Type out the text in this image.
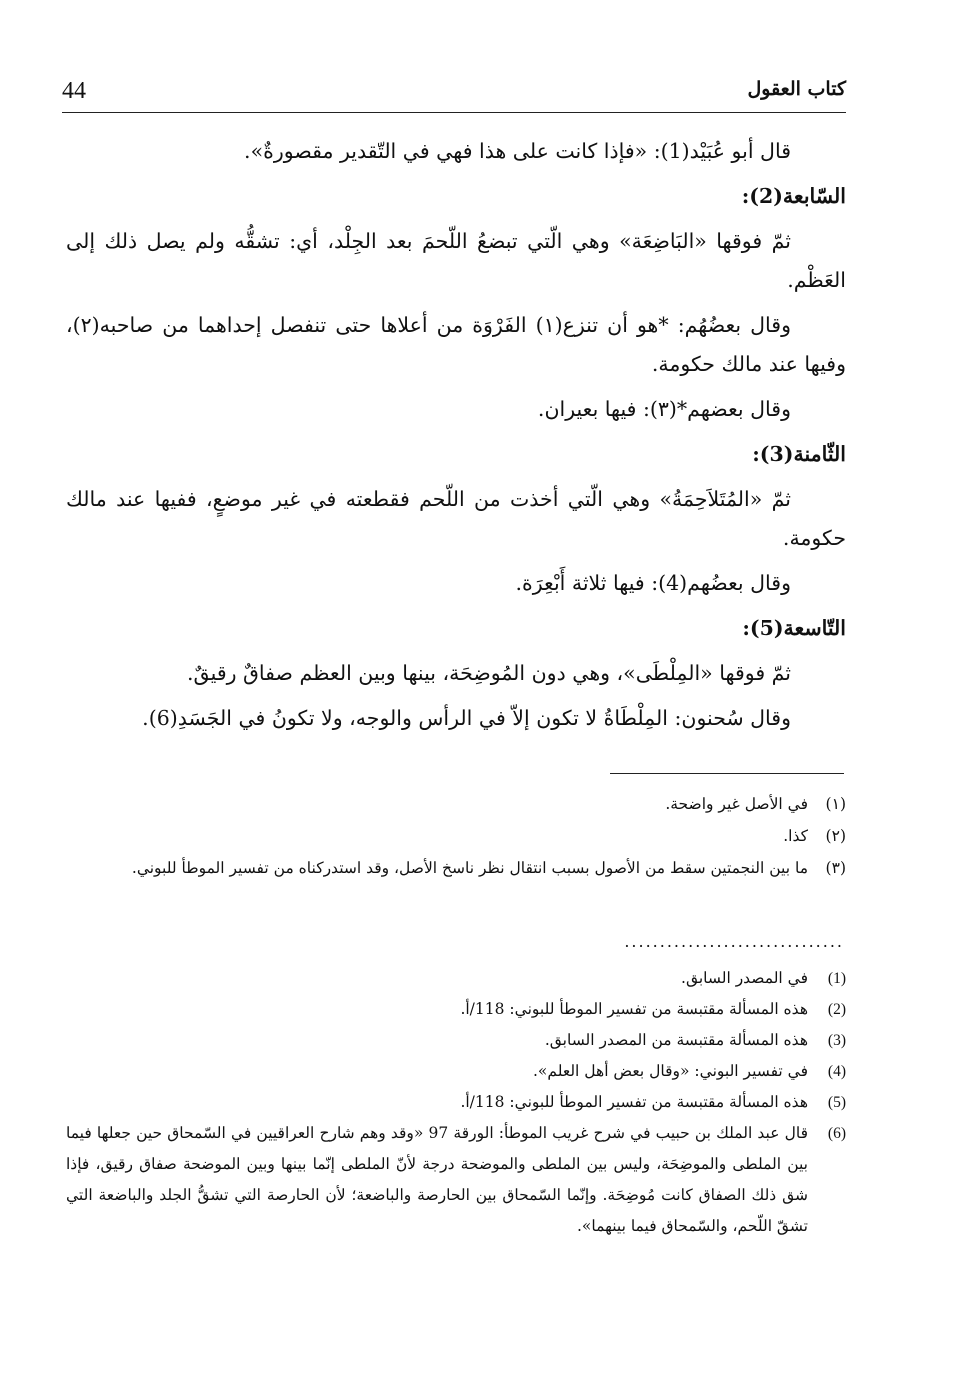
44	كتاب العقول

قال أبو عُبَيْد(1): «فإذا كانت على هذا فهي في التّقدير مقصورةٌ».

السّابعة(2):

ثمّ فوقها «البَاضِعَة» وهي الّتي تبضعُ اللّحمَ بعد الجِلْد، أي: تشقُّه ولم يصل ذلك إلى العَظْم.

وقال بعضُهُم: *هو أن تنزع(١) الفَرْوَة من أعلاها حتى تنفصل إحداهما من صاحبه(٢)، وفيها عند مالك حكومة.

وقال بعضهم*(٣): فيها بعيران.

الثّامنة(3):

ثمّ «المُتَلاَحِمَةُ» وهي الّتي أخذت من اللّحم فقطعته في غير موضعٍ، ففيها عند مالك حكومة.

وقال بعضُهم(4): فيها ثلاثة أَبْعِرَة.

التّاسعة(5):

ثمّ فوقها «المِلْطَى»، وهي دون المُوضِحَة، بينها وبين العظم صفاقٌ رقيقٌ.

وقال سُحنون: المِلْطَاةُ لا تكون إلاّ في الرأس والوجه، ولا تكونُ في الجَسَدِ(6).

(١)
في الأصل غير واضحة.
(٢)
كذا.
(٣)
ما بين النجمتين سقط من الأصول بسبب انتقال نظر ناسخ الأصل، وقد استدركناه من تفسير الموطأ للبوني.
...............................
(1)
في المصدر السابق.
(2)
هذه المسألة مقتبسة من تفسير الموطأ للبوني: 118/أ.
(3)
هذه المسألة مقتبسة من المصدر السابق.
(4)
في تفسير البوني: «وقال بعض أهل العلم».
(5)
هذه المسألة مقتبسة من تفسير الموطأ للبوني: 118/أ.
(6)
قال عبد الملك بن حبيب في شرح غريب الموطأ: الورقة 97 «وقد وهم شارح العراقيين في السّمحاق حين جعلها فيما بين الملطى والموضِحَة، وليس بين الملطى والموضحة درجة لأنّ الملطى إنّما بينها وبين الموضحة صفاق رقيق، فإذا شق ذلك الصفاق كانت مُوضِحَة. وإنّما السّمحاق بين الحارصة والباضعة؛ لأن الحارصة التي تشقُّ الجلد والباضعة التي تشقّ اللّحم، والسّمحاق فيما بينهما».
